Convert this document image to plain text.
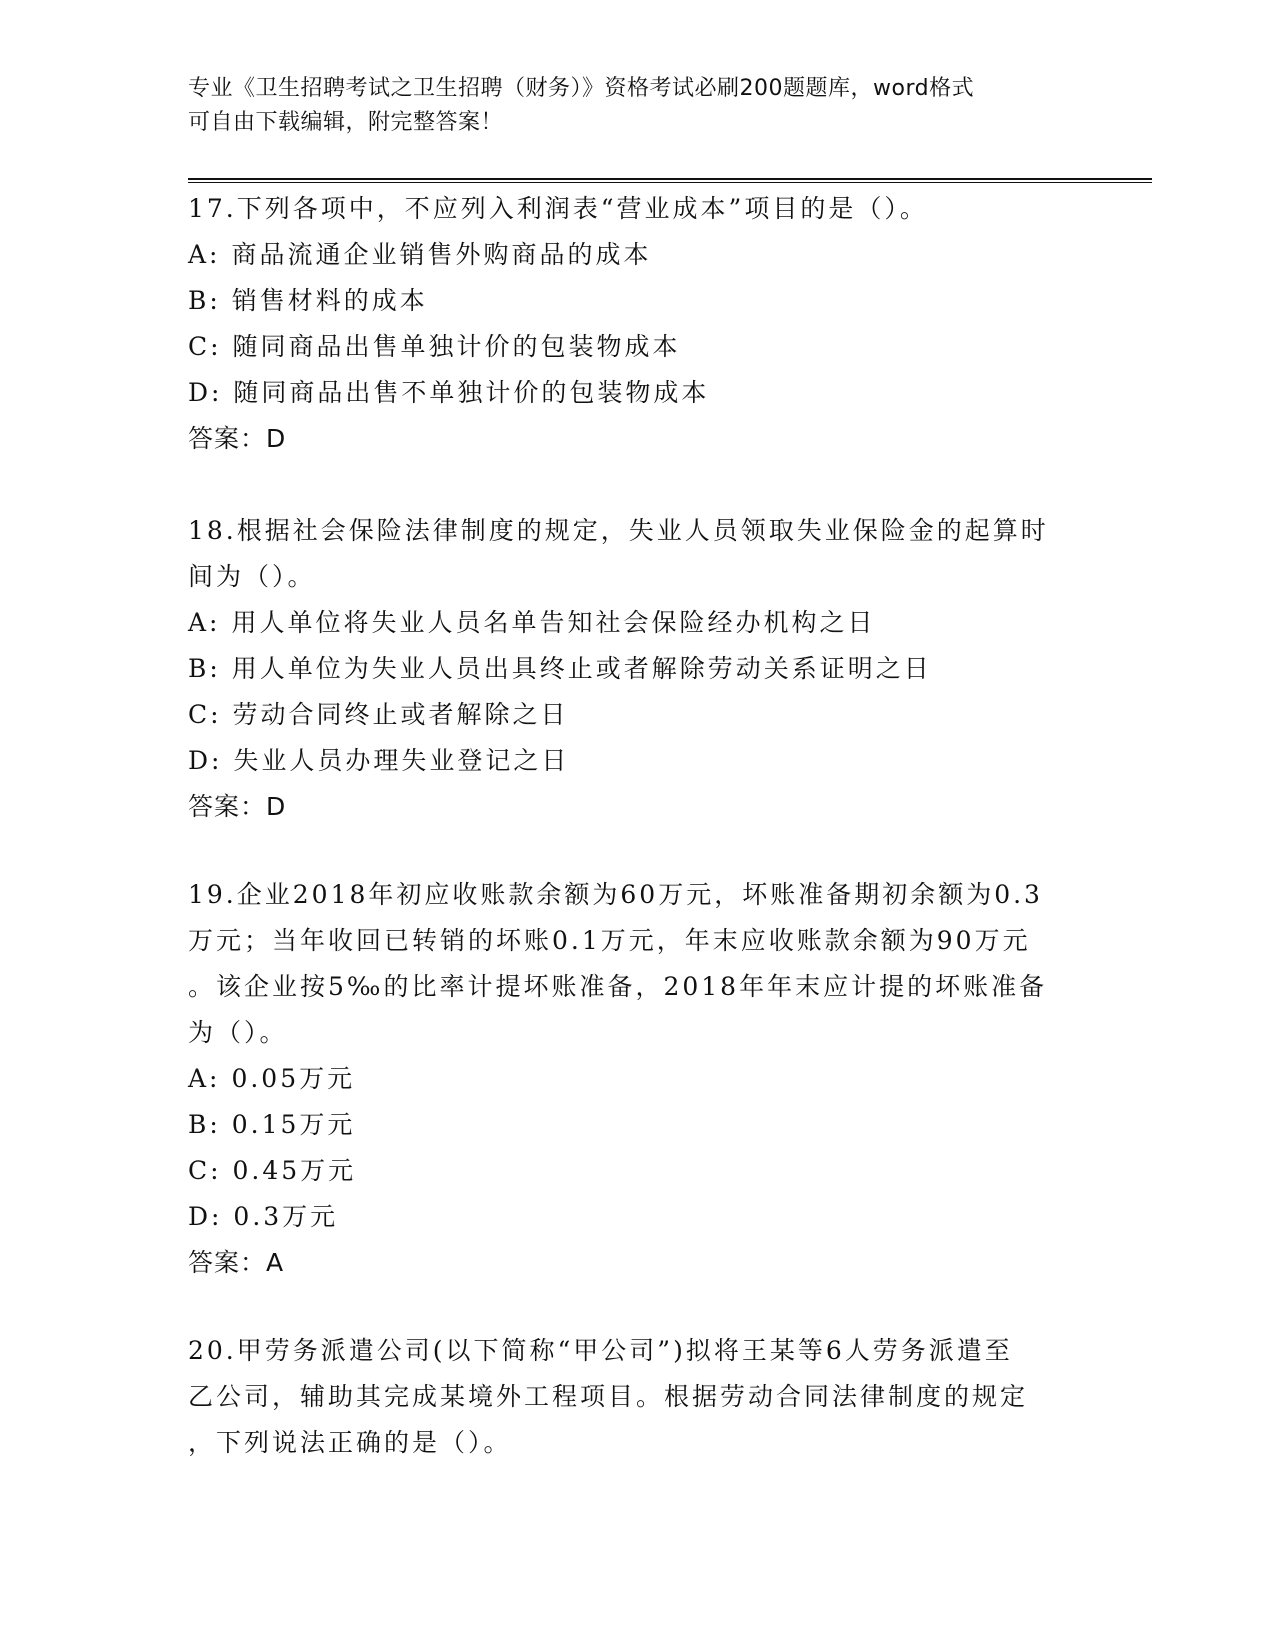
专业《卫生招聘考试之卫生招聘（财务）》资格考试必刷200题题库，word格式
可自由下载编辑，附完整答案！
17.下列各项中，不应列入利润表“营业成本”项目的是（）。
A: 商品流通企业销售外购商品的成本
B: 销售材料的成本
C: 随同商品出售单独计价的包装物成本
D: 随同商品出售不单独计价的包装物成本
答案：D
18.根据社会保险法律制度的规定，失业人员领取失业保险金的起算时
间为（）。
A: 用人单位将失业人员名单告知社会保险经办机构之日
B: 用人单位为失业人员出具终止或者解除劳动关系证明之日
C: 劳动合同终止或者解除之日
D: 失业人员办理失业登记之日
答案：D
19.企业2018年初应收账款余额为60万元，坏账准备期初余额为0.3
万元；当年收回已转销的坏账0.1万元，年末应收账款余额为90万元
。该企业按5‰的比率计提坏账准备，2018年年末应计提的坏账准备
为（）。
A: 0.05万元
B: 0.15万元
C: 0.45万元
D: 0.3万元
答案：A
20.甲劳务派遣公司(以下简称“甲公司”)拟将王某等6人劳务派遣至
乙公司，辅助其完成某境外工程项目。根据劳动合同法律制度的规定
，下列说法正确的是（）。
